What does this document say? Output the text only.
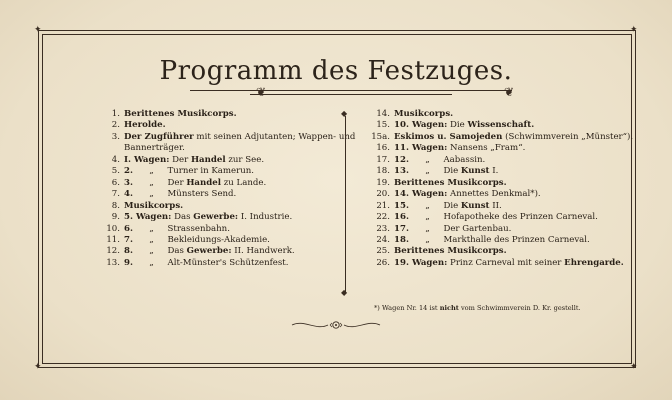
✦	✦
✦	✦
Programm des Festzuges.
❦	❦
1. Berittenes Musikcorps.
2. Herolde.
3. Der Zugführer mit seinen Adjutanten; Wappen- und
Bannerträger.
4. I. Wagen: Der Handel zur See.
5. 2.      „     Turner in Kamerun.
6. 3.      „     Der Handel zu Lande.
7. 4.      „     Münsters Send.
8. Musikcorps.
9. 5. Wagen: Das Gewerbe: I. Industrie.
10. 6.      „     Strassenbahn.
11. 7.      „     Bekleidungs-Akademie.
12. 8.      „     Das Gewerbe: II. Handwerk.
13. 9.      „     Alt-Münster's Schützenfest.
◆
◆
14. Musikcorps.
15. 10. Wagen: Die Wissenschaft.
15a. Eskimos u. Samojeden (Schwimmverein „Münster“).
16. 11. Wagen: Nansens „Fram“.
17. 12.      „     Aabassin.
18. 13.      „     Die Kunst I.
19. Berittenes Musikcorps.
20. 14. Wagen: Annettes Denkmal*).
21. 15.      „     Die Kunst II.
22. 16.      „     Hofapotheke des Prinzen Carneval.
23. 17.      „     Der Gartenbau.
24. 18.      „     Markthalle des Prinzen Carneval.
25. Berittenes Musikcorps.
26. 19. Wagen: Prinz Carneval mit seiner Ehrengarde.
*) Wagen Nr. 14 ist nicht vom Schwimmverein D. Kr. gestellt.
